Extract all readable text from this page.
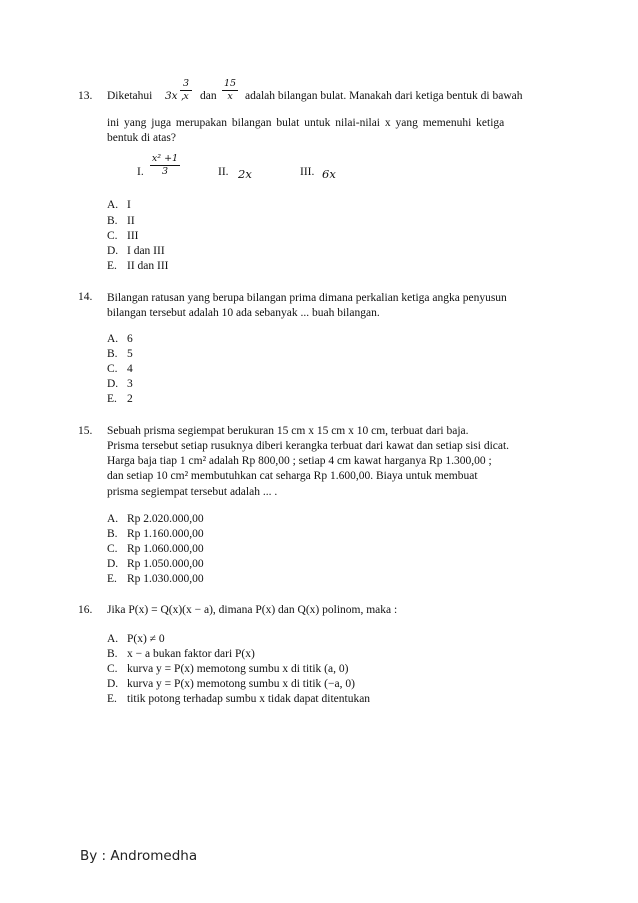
13. Diketahui 3x ,
$\frac{3}{x}$ dan $\frac{15}{x}$ adalah bilangan bulat. Manakah dari ketiga bentuk di bawah
ini yang juga merupakan bilangan bulat untuk nilai-nilai x yang memenuhi ketiga
bentuk di atas?
I. $\frac{\text{x² +1}}{3}$	II. 2x	III. 6x
A. I
B. II
C. III
D. I dan III
E. II dan III
14. Bilangan ratusan yang berupa bilangan prima dimana perkalian ketiga angka penyusun
bilangan tersebut adalah 10 ada sebanyak ... buah bilangan.
A. 6
B. 5
C. 4
D. 3
E. 2
15. Sebuah prisma segiempat berukuran 15 cm x 15 cm x 10 cm, terbuat dari baja.
Prisma tersebut setiap rusuknya diberi kerangka terbuat dari kawat dan setiap sisi dicat.
Harga baja tiap 1 cm² adalah Rp 800,00 ; setiap 4 cm kawat harganya Rp 1.300,00 ;
dan setiap 10 cm² membutuhkan cat seharga Rp 1.600,00. Biaya untuk membuat
prisma segiempat tersebut adalah ... .
A. Rp 2.020.000,00
B. Rp 1.160.000,00
C. Rp 1.060.000,00
D. Rp 1.050.000,00
E. Rp 1.030.000,00
16. Jika P(x) = Q(x)(x − a), dimana P(x) dan Q(x) polinom, maka :
A. P(x) ≠ 0
B. x − a bukan faktor dari P(x)
C. kurva y = P(x) memotong sumbu x di titik (a, 0)
D. kurva y = P(x) memotong sumbu x di titik (−a, 0)
E. titik potong terhadap sumbu x tidak dapat ditentukan
By : Andromedha
